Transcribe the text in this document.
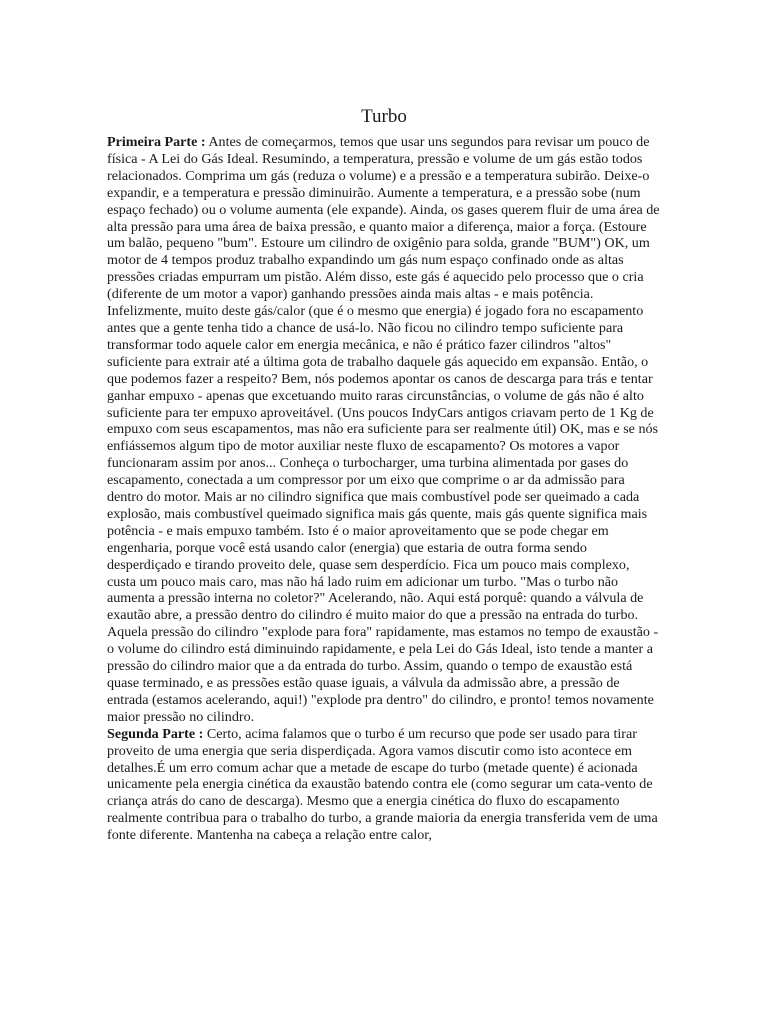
Turbo

Primeira Parte : Antes de começarmos, temos que usar uns segundos para revisar um pouco de física - A Lei do Gás Ideal. Resumindo, a temperatura, pressão e volume de um gás estão todos relacionados. Comprima um gás (reduza o volume) e a pressão e a temperatura subirão. Deixe-o expandir, e a temperatura e pressão diminuirão. Aumente a temperatura, e a pressão sobe (num espaço fechado) ou o volume aumenta (ele expande). Ainda, os gases querem fluir de uma área de alta pressão para uma área de baixa pressão, e quanto maior a diferença, maior a força. (Estoure um balão, pequeno "bum". Estoure um cilindro de oxigênio para solda, grande "BUM") OK, um motor de 4 tempos produz trabalho expandindo um gás num espaço confinado onde as altas pressões criadas empurram um pistão. Além disso, este gás é aquecido pelo processo que o cria (diferente de um motor a vapor) ganhando pressões ainda mais altas - e mais potência. Infelizmente, muito deste gás/calor (que é o mesmo que energia) é jogado fora no escapamento antes que a gente tenha tido a chance de usá-lo. Não ficou no cilindro tempo suficiente para transformar todo aquele calor em energia mecânica, e não é prático fazer cilindros "altos" suficiente para extrair até a última gota de trabalho daquele gás aquecido em expansão. Então, o que podemos fazer a respeito? Bem, nós podemos apontar os canos de descarga para trás e tentar ganhar empuxo - apenas que excetuando muito raras circunstâncias, o volume de gás não é alto suficiente para ter empuxo aproveitável. (Uns poucos IndyCars antigos criavam perto de 1 Kg de empuxo com seus escapamentos, mas não era suficiente para ser realmente útil) OK, mas e se nós enfiássemos algum tipo de motor auxiliar neste fluxo de escapamento? Os motores a vapor funcionaram assim por anos... Conheça o turbocharger, uma turbina alimentada por gases do escapamento, conectada a um compressor por um eixo que comprime o ar da admissão para dentro do motor. Mais ar no cilindro significa que mais combustível pode ser queimado a cada explosão, mais combustível queimado significa mais gás quente, mais gás quente significa mais potência - e mais empuxo também. Isto é o maior aproveitamento que se pode chegar em engenharia, porque você está usando calor (energia) que estaria de outra forma sendo desperdiçado e tirando proveito dele, quase sem desperdício. Fica um pouco mais complexo, custa um pouco mais caro, mas não há lado ruim em adicionar um turbo. "Mas o turbo não aumenta a pressão interna no coletor?" Acelerando, não. Aqui está porquê: quando a válvula de exautão abre, a pressão dentro do cilindro é muito maior do que a pressão na entrada do turbo. Aquela pressão do cilindro "explode para fora" rapidamente, mas estamos no tempo de exaustão - o volume do cilindro está diminuindo rapidamente, e pela Lei do Gás Ideal, isto tende a manter a pressão do cilindro maior que a da entrada do turbo. Assim, quando o tempo de exaustão está quase terminado, e as pressões estão quase iguais, a válvula da admissão abre, a pressão de entrada (estamos acelerando, aqui!) "explode pra dentro" do cilindro, e pronto! temos novamente maior pressão no cilindro.

Segunda Parte : Certo, acima falamos que o turbo é um recurso que pode ser usado para tirar proveito de uma energia que seria disperdiçada. Agora vamos discutir como isto acontece em detalhes.É um erro comum achar que a metade de escape do turbo (metade quente) é acionada unicamente pela energia cinética da exaustão batendo contra ele (como segurar um cata-vento de criança atrás do cano de descarga). Mesmo que a energia cinética do fluxo do escapamento realmente contribua para o trabalho do turbo, a grande maioria da energia transferida vem de uma fonte diferente. Mantenha na cabeça a relação entre calor,
